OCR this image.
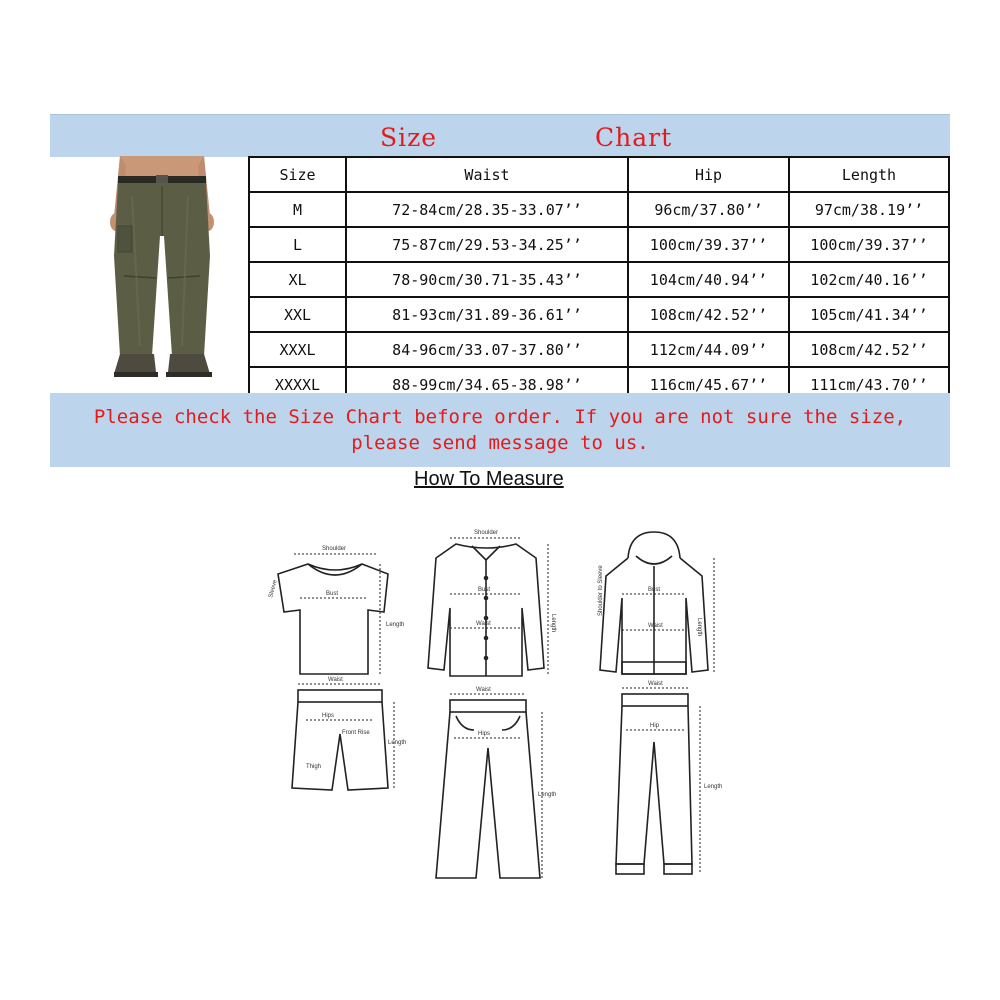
Size	Chart
Size	Waist	Hip	Length
M	72-84cm/28.35-33.07’’	96cm/37.80’’	97cm/38.19’’
L	75-87cm/29.53-34.25’’	100cm/39.37’’	100cm/39.37’’
XL	78-90cm/30.71-35.43’’	104cm/40.94’’	102cm/40.16’’
XXL	81-93cm/31.89-36.61’’	108cm/42.52’’	105cm/41.34’’
XXXL	84-96cm/33.07-37.80’’	112cm/44.09’’	108cm/42.52’’
XXXXL	88-99cm/34.65-38.98’’	116cm/45.67’’	111cm/43.70’’
Please check the Size Chart before order. If you are not sure the size,
please send message to us.
How To Measure
Shoulder
Bust
Sleeve
Length
Waist
Hips
Front Rise
Thigh
Length
Shoulder
Bust
Waist	Length
Waist
Hips
Length
Bust
Waist	Length
Shoulder to Sleeve
Waist
Hip
Length
